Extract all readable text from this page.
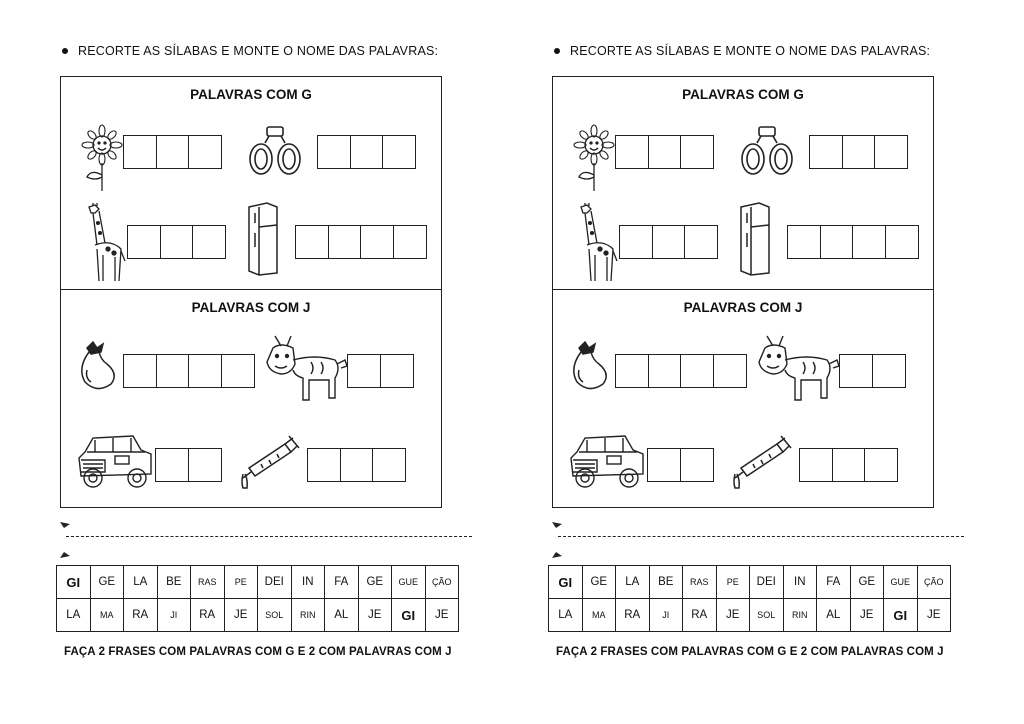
RECORTE AS SÍLABAS E MONTE O NOME DAS PALAVRAS:
PALAVRAS COM G
PALAVRAS COM J
GI	GE	LA	BE	RAS	PE	DEI	IN	FA	GE	GUE	ÇÃO
LA	MA	RA	JI	RA	JE	SOL	RIN	AL	JE	GI	JE
FAÇA 2 FRASES COM PALAVRAS COM G E 2 COM PALAVRAS COM J
RECORTE AS SÍLABAS E MONTE O NOME DAS PALAVRAS:
PALAVRAS COM G
PALAVRAS COM J
GI	GE	LA	BE	RAS	PE	DEI	IN	FA	GE	GUE	ÇÃO
LA	MA	RA	JI	RA	JE	SOL	RIN	AL	JE	GI	JE
FAÇA 2 FRASES COM PALAVRAS COM G E 2 COM PALAVRAS COM J
